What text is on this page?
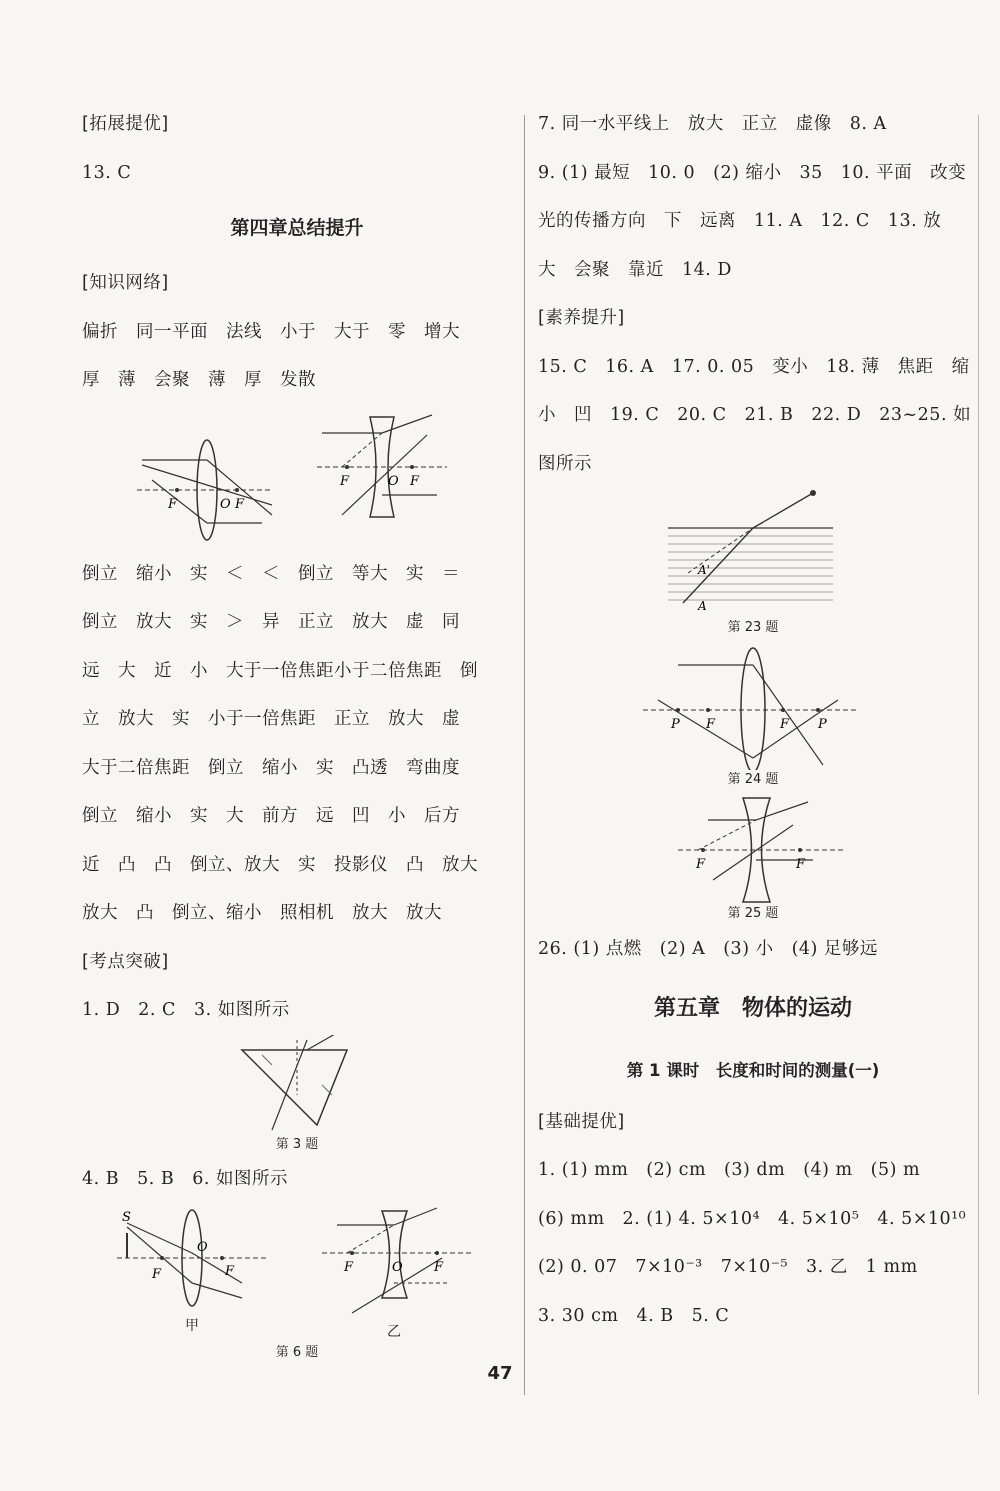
[拓展提优]
13. C
第四章总结提升
[知识网络]
偏折　同一平面　法线　小于　大于　零　增大
厚　薄　会聚　薄　厚　发散
F	O F
F	O F
倒立　缩小　实　＜　＜　倒立　等大　实　＝
倒立　放大　实　＞　异　正立　放大　虚　同
远　大　近　小　大于一倍焦距小于二倍焦距　倒
立　放大　实　小于一倍焦距　正立　放大　虚
大于二倍焦距　倒立　缩小　实　凸透　弯曲度
倒立　缩小　实　大　前方　远　凹　小　后方
近　凸　凸　倒立、放大　实　投影仪　凸　放大
放大　凸　倒立、缩小　照相机　放大　放大
[考点突破]
1. D　2. C　3. 如图所示
第 3 题
4. B　5. B　6. 如图所示
S
O
F	F	F	O F
甲	乙
第 6 题
7. 同一水平线上　放大　正立　虚像　8. A
9. (1) 最短　10. 0　(2) 缩小　35　10. 平面　改变
光的传播方向　下　远离　11. A　12. C　13. 放
大　会聚　靠近　14. D
[素养提升]
15. C　16. A　17. 0. 05　变小　18. 薄　焦距　缩
小　凹　19. C　20. C　21. B　22. D　23~25. 如
图所示
A'
A
第 23 题
P F	F P
第 24 题
F	F
第 25 题
26. (1) 点燃　(2) A　(3) 小　(4) 足够远
第五章　物体的运动
第 1 课时　长度和时间的测量(一)
[基础提优]
1. (1) mm　(2) cm　(3) dm　(4) m　(5) m
(6) mm　2. (1) 4. 5×10⁴　4. 5×10⁵　4. 5×10¹⁰
(2) 0. 07　7×10⁻³　7×10⁻⁵　3. 乙　1 mm
3. 30 cm　4. B　5. C
47
